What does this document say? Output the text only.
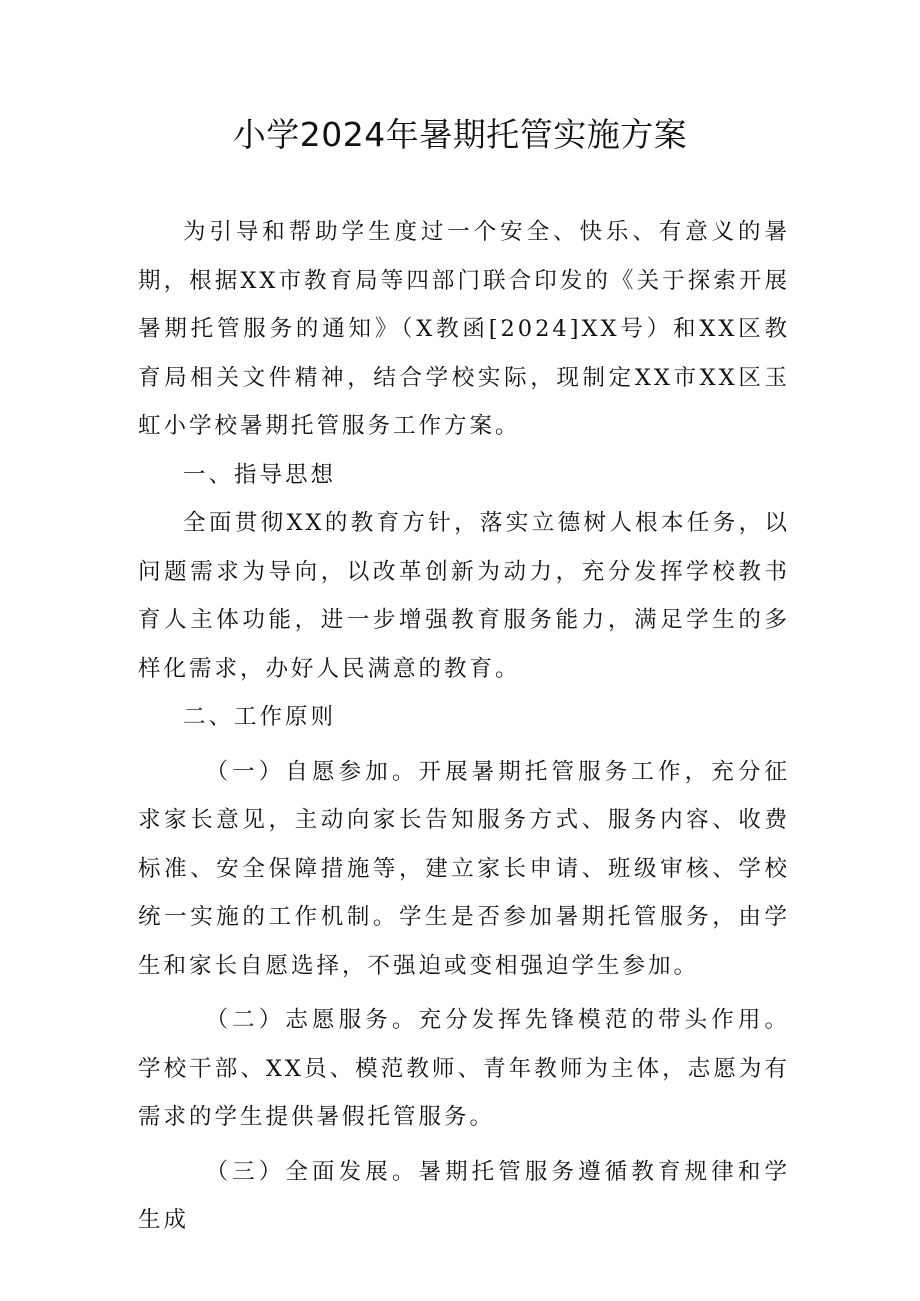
小学2024年暑期托管实施方案

为引导和帮助学生度过一个安全、快乐、有意义的暑期，根据XX市教育局等四部门联合印发的《关于探索开展暑期托管服务的通知》（X教函[2024]XX号）和XX区教育局相关文件精神，结合学校实际，现制定XX市XX区玉虹小学校暑期托管服务工作方案。

一、指导思想

全面贯彻XX的教育方针，落实立德树人根本任务，以问题需求为导向，以改革创新为动力，充分发挥学校教书育人主体功能，进一步增强教育服务能力，满足学生的多样化需求，办好人民满意的教育。

二、工作原则

（一）自愿参加。开展暑期托管服务工作，充分征求家长意见，主动向家长告知服务方式、服务内容、收费标准、安全保障措施等，建立家长申请、班级审核、学校统一实施的工作机制。学生是否参加暑期托管服务，由学生和家长自愿选择，不强迫或变相强迫学生参加。

（二）志愿服务。充分发挥先锋模范的带头作用。学校干部、XX员、模范教师、青年教师为主体，志愿为有需求的学生提供暑假托管服务。

（三）全面发展。暑期托管服务遵循教育规律和学生成
